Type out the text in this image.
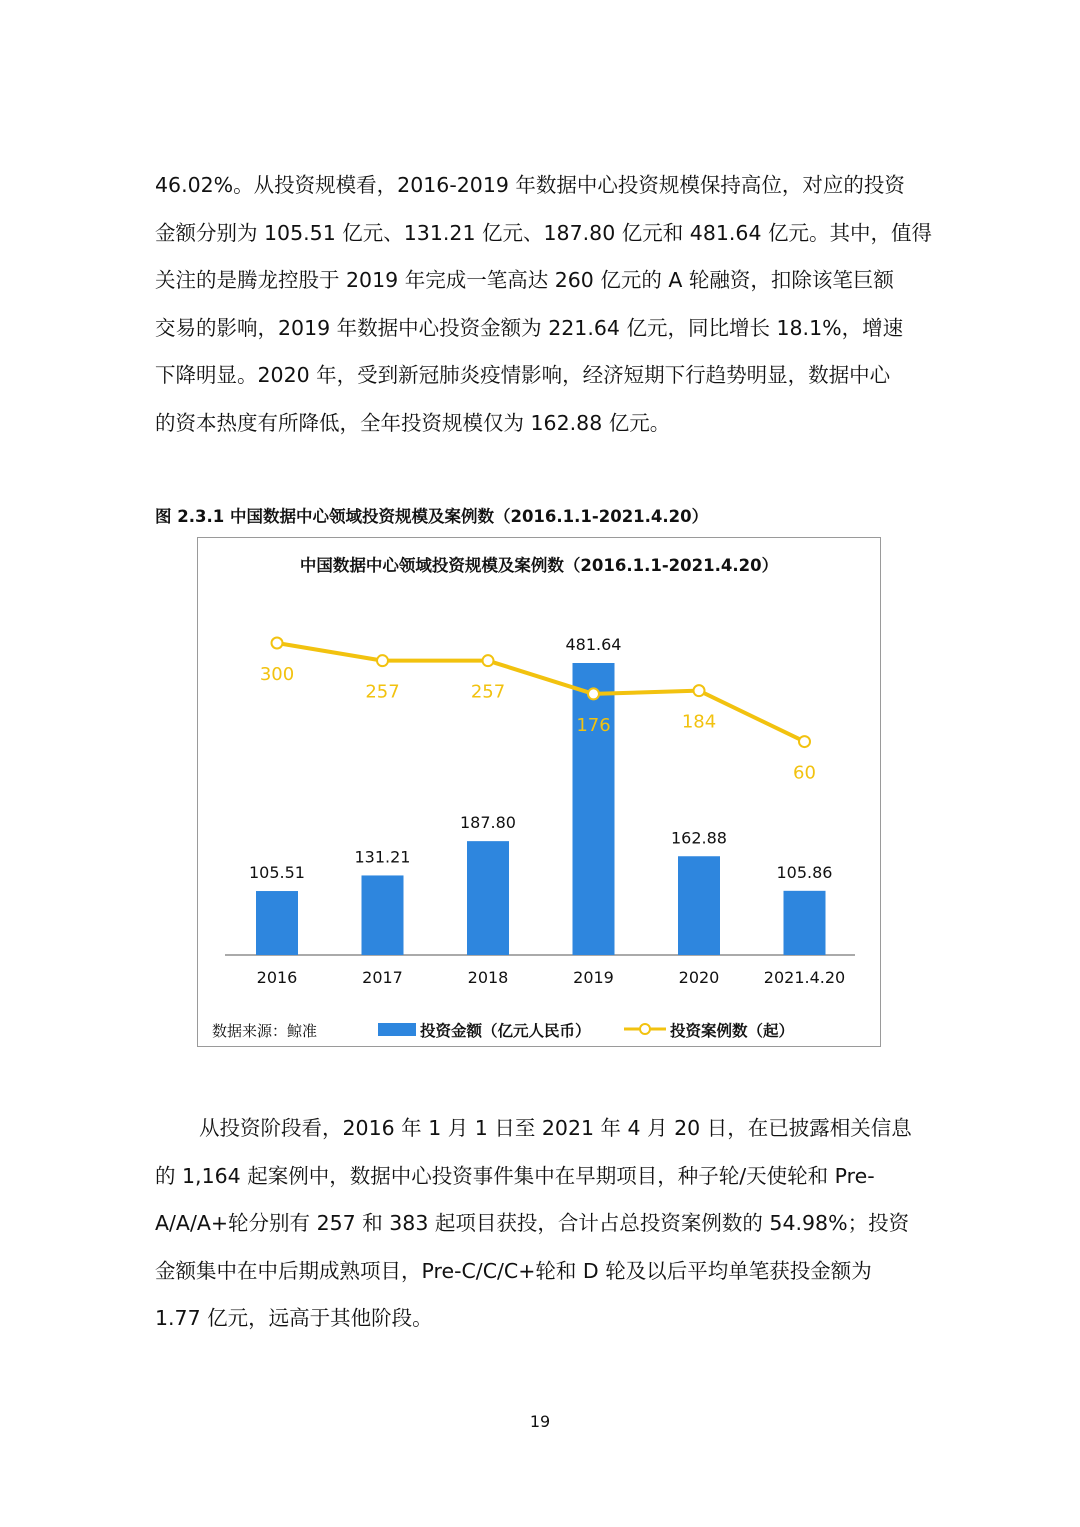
46.02%。从投资规模看，2016-2019 年数据中心投资规模保持高位，对应的投资
金额分别为 105.51 亿元、131.21 亿元、187.80 亿元和 481.64 亿元。其中，值得
关注的是腾龙控股于 2019 年完成一笔高达 260 亿元的 A 轮融资，扣除该笔巨额
交易的影响，2019 年数据中心投资金额为 221.64 亿元，同比增长 18.1%，增速
下降明显。2020 年，受到新冠肺炎疫情影响，经济短期下行趋势明显，数据中心
的资本热度有所降低，全年投资规模仅为 162.88 亿元。
图 2.3.1 中国数据中心领域投资规模及案例数（2016.1.1-2021.4.20）
中国数据中心领域投资规模及案例数（2016.1.1-2021.4.20）
105.51
2016
131.21
2017
187.80
2018
481.64
2019
162.88
2020
105.86
2021.4.20
300
257	257
176	184
60
数据来源：鲸准	投资金额（亿元人民币）	投资案例数（起）
从投资阶段看，2016 年 1 月 1 日至 2021 年 4 月 20 日，在已披露相关信息
的 1,164 起案例中，数据中心投资事件集中在早期项目，种子轮/天使轮和 Pre-
A/A/A+轮分别有 257 和 383 起项目获投，合计占总投资案例数的 54.98%；投资
金额集中在中后期成熟项目，Pre-C/C/C+轮和 D 轮及以后平均单笔获投金额为
1.77 亿元，远高于其他阶段。
19
